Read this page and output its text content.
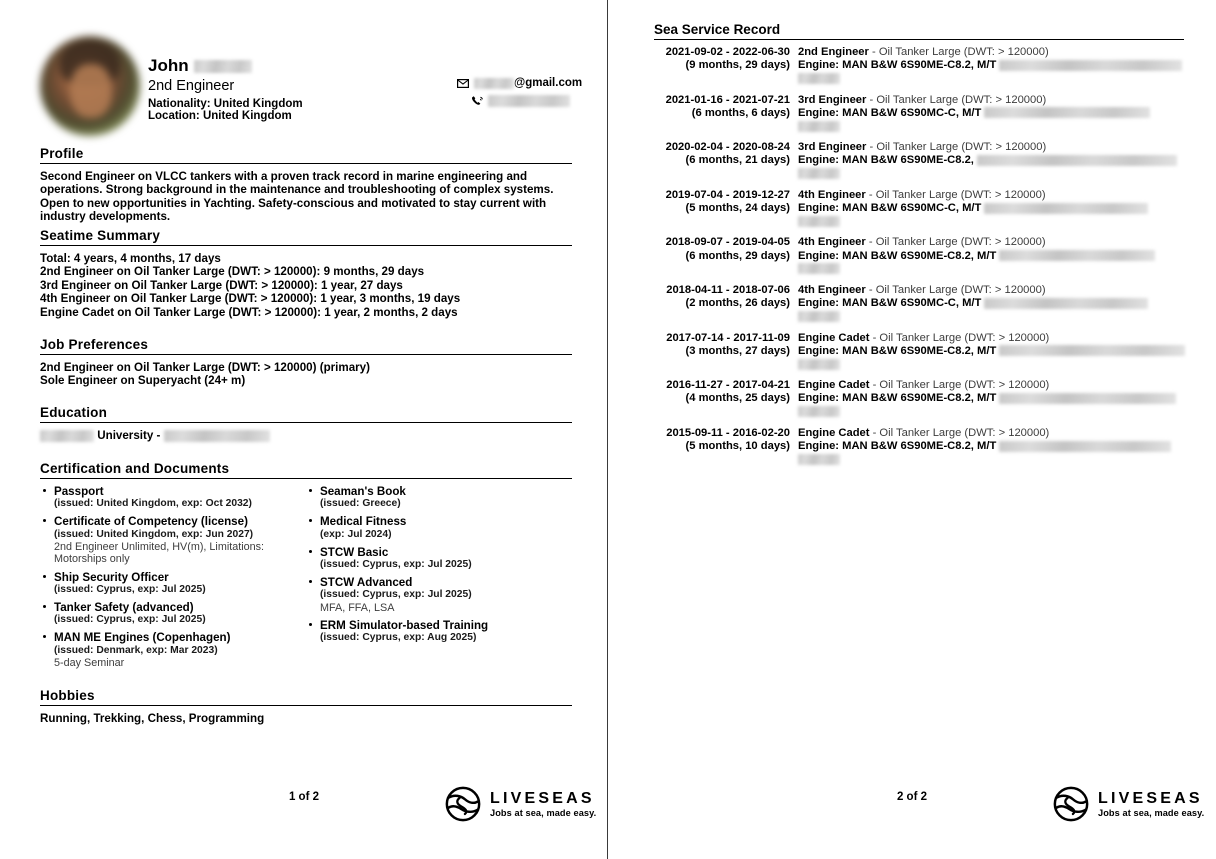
John
2nd Engineer
Nationality: United Kingdom
Location: United Kingdom
@gmail.com
Profile

Second Engineer on VLCC tankers with a proven track record in marine engineering and operations. Strong background in the maintenance and troubleshooting of complex systems. Open to new opportunities in Yachting. Safety-conscious and motivated to stay current with industry developments.

Seatime Summary

Total: 4 years, 4 months, 17 days

2nd Engineer on Oil Tanker Large (DWT: > 120000): 9 months, 29 days

3rd Engineer on Oil Tanker Large (DWT: > 120000): 1 year, 27 days

4th Engineer on Oil Tanker Large (DWT: > 120000): 1 year, 3 months, 19 days

Engine Cadet on Oil Tanker Large (DWT: > 120000): 1 year, 2 months, 2 days

Job Preferences

2nd Engineer on Oil Tanker Large (DWT: > 120000) (primary)

Sole Engineer on Superyacht (24+ m)

Education
University -
Certification and Documents
Passport
(issued: United Kingdom, exp: Oct 2032)
Certificate of Competency (license)
(issued: United Kingdom, exp: Jun 2027)
2nd Engineer Unlimited, HV(m), Limitations: Motorships only
Ship Security Officer
(issued: Cyprus, exp: Jul 2025)
Tanker Safety (advanced)
(issued: Cyprus, exp: Jul 2025)
MAN ME Engines (Copenhagen)
(issued: Denmark, exp: Mar 2023)
5-day Seminar
Seaman's Book
(issued: Greece)
Medical Fitness
(exp: Jul 2024)
STCW Basic
(issued: Cyprus, exp: Jul 2025)
STCW Advanced
(issued: Cyprus, exp: Jul 2025)
MFA, FFA, LSA
ERM Simulator-based Training
(issued: Cyprus, exp: Aug 2025)
Hobbies

Running, Trekking, Chess, Programming

1 of 2	LIVESEAS
Jobs at sea, made easy.
Sea Service Record
2021-09-02 - 2022-06-30
(9 months, 29 days)
2nd Engineer - Oil Tanker Large (DWT: > 120000)
Engine: MAN B&W 6S90ME-C8.2, M/T
2021-01-16 - 2021-07-21
(6 months, 6 days)
3rd Engineer - Oil Tanker Large (DWT: > 120000)
Engine: MAN B&W 6S90MC-C, M/T
2020-02-04 - 2020-08-24
(6 months, 21 days)
3rd Engineer - Oil Tanker Large (DWT: > 120000)
Engine: MAN B&W 6S90ME-C8.2,
2019-07-04 - 2019-12-27
(5 months, 24 days)
4th Engineer - Oil Tanker Large (DWT: > 120000)
Engine: MAN B&W 6S90MC-C, M/T
2018-09-07 - 2019-04-05
(6 months, 29 days)
4th Engineer - Oil Tanker Large (DWT: > 120000)
Engine: MAN B&W 6S90ME-C8.2, M/T
2018-04-11 - 2018-07-06
(2 months, 26 days)
4th Engineer - Oil Tanker Large (DWT: > 120000)
Engine: MAN B&W 6S90MC-C, M/T
2017-07-14 - 2017-11-09
(3 months, 27 days)
Engine Cadet - Oil Tanker Large (DWT: > 120000)
Engine: MAN B&W 6S90ME-C8.2, M/T
2016-11-27 - 2017-04-21
(4 months, 25 days)
Engine Cadet - Oil Tanker Large (DWT: > 120000)
Engine: MAN B&W 6S90ME-C8.2, M/T
2015-09-11 - 2016-02-20
(5 months, 10 days)
Engine Cadet - Oil Tanker Large (DWT: > 120000)
Engine: MAN B&W 6S90ME-C8.2, M/T
2 of 2	LIVESEAS
Jobs at sea, made easy.
